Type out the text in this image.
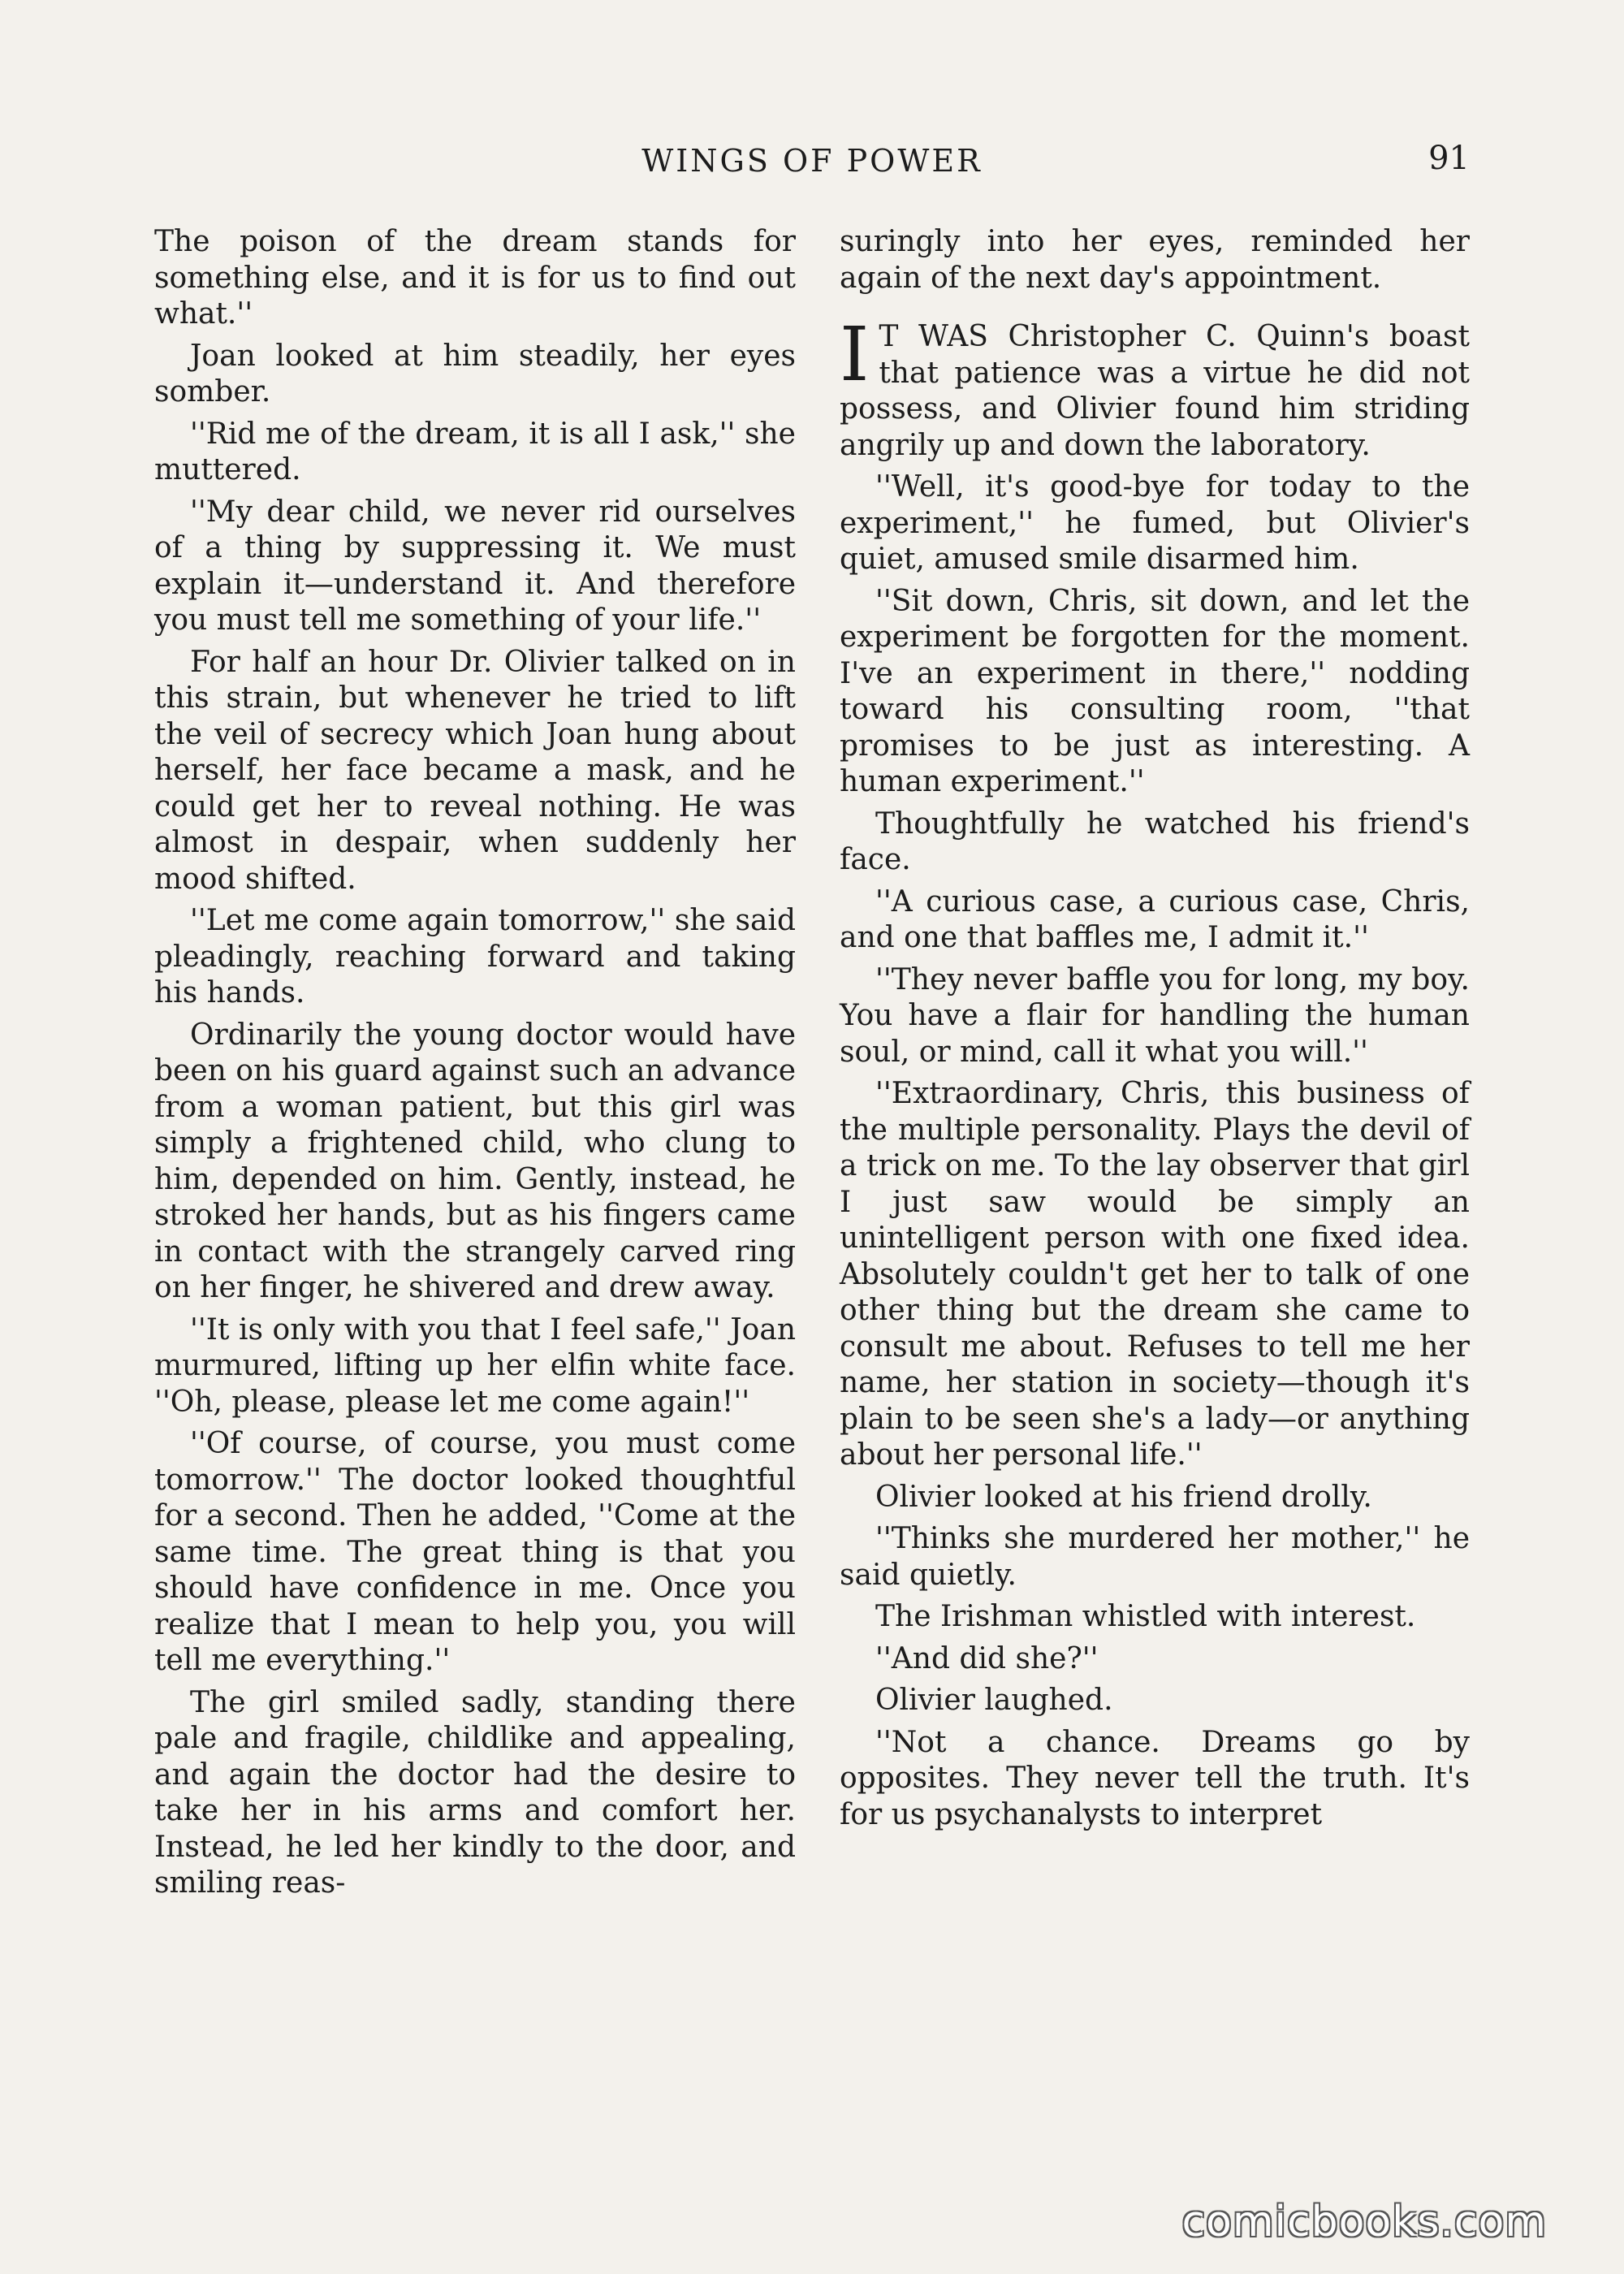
WINGS OF POWER	91

The poison of the dream stands for something else, and it is for us to find out what.''

Joan looked at him steadily, her eyes somber.

''Rid me of the dream, it is all I ask,'' she muttered.

''My dear child, we never rid ourselves of a thing by suppressing it. We must explain it—understand it. And therefore you must tell me something of your life.''

For half an hour Dr. Olivier talked on in this strain, but whenever he tried to lift the veil of secrecy which Joan hung about herself, her face became a mask, and he could get her to reveal nothing. He was almost in despair, when suddenly her mood shifted.

''Let me come again tomorrow,'' she said pleadingly, reaching forward and taking his hands.

Ordinarily the young doctor would have been on his guard against such an advance from a woman patient, but this girl was simply a frightened child, who clung to him, depended on him. Gently, instead, he stroked her hands, but as his fingers came in contact with the strangely carved ring on her finger, he shivered and drew away.

''It is only with you that I feel safe,'' Joan murmured, lifting up her elfin white face. ''Oh, please, please let me come again!''

''Of course, of course, you must come tomorrow.'' The doctor looked thoughtful for a second. Then he added, ''Come at the same time. The great thing is that you should have confidence in me. Once you realize that I mean to help you, you will tell me everything.''

The girl smiled sadly, standing there pale and fragile, childlike and appealing, and again the doctor had the desire to take her in his arms and comfort her. Instead, he led her kindly to the door, and smiling reas-

suringly into her eyes, reminded her again of the next day's appointment.

I T WAS Christopher C. Quinn's boast that patience was a virtue he did not possess, and Olivier found him striding angrily up and down the laboratory.

''Well, it's good-bye for today to the experiment,'' he fumed, but Olivier's quiet, amused smile disarmed him.

''Sit down, Chris, sit down, and let the experiment be forgotten for the moment. I've an experiment in there,'' nodding toward his consulting room, ''that promises to be just as interesting. A human experiment.''

Thoughtfully he watched his friend's face.

''A curious case, a curious case, Chris, and one that baffles me, I admit it.''

''They never baffle you for long, my boy. You have a flair for handling the human soul, or mind, call it what you will.''

''Extraordinary, Chris, this business of the multiple personality. Plays the devil of a trick on me. To the lay observer that girl I just saw would be simply an unintelligent person with one fixed idea. Absolutely couldn't get her to talk of one other thing but the dream she came to consult me about. Refuses to tell me her name, her station in society—though it's plain to be seen she's a lady—or anything about her personal life.''

Olivier looked at his friend drolly.

''Thinks she murdered her mother,'' he said quietly.

The Irishman whistled with interest.

''And did she?''

Olivier laughed.

''Not a chance. Dreams go by opposites. They never tell the truth. It's for us psychanalysts to interpret

comicbooks.com
